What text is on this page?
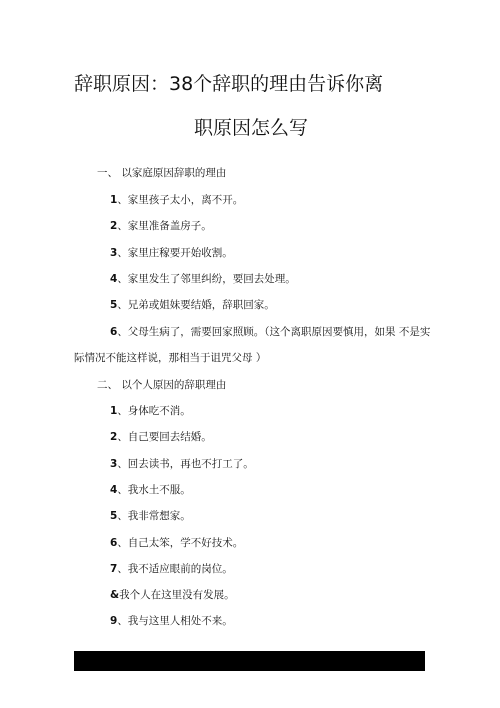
辞职原因：38个辞职的理由告诉你离
职原因怎么写
一、 以家庭原因辞职的理由
1、家里孩子太小，离不开。
2、家里准备盖房子。
3、家里庄稼要开始收割。
4、家里发生了邻里纠纷，要回去处理。
5、兄弟或姐妹要结婚，辞职回家。
6、父母生病了，需要回家照顾。（这个离职原因要慎用，如果 不是实
际情况不能这样说，那相当于诅咒父母 ）
二、 以个人原因的辞职理由
1、身体吃不消。
2、自己要回去结婚。
3、回去读书，再也不打工了。
4、我水土不服。
5、我非常想家。
6、自己太笨，学不好技术。
7、我不适应眼前的岗位。
&我个人在这里没有发展。
9、我与这里人相处不来。
